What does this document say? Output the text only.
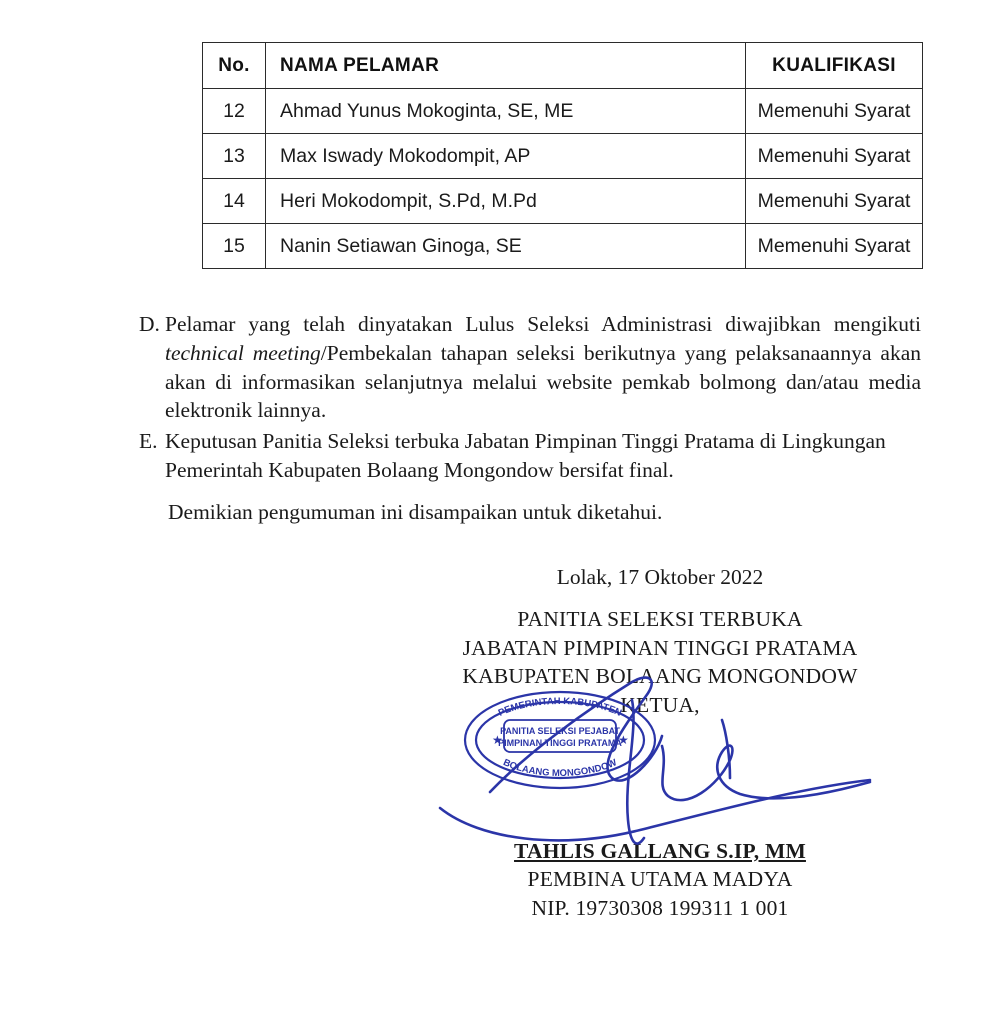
No.	NAMA PELAMAR	KUALIFIKASI
12	Ahmad Yunus Mokoginta, SE, ME	Memenuhi Syarat
13	Max Iswady Mokodompit, AP	Memenuhi Syarat
14	Heri Mokodompit, S.Pd, M.Pd	Memenuhi Syarat
15	Nanin Setiawan Ginoga, SE	Memenuhi Syarat
D. Pelamar yang telah dinyatakan Lulus Seleksi Administrasi diwajibkan mengikuti technical meeting/Pembekalan tahapan seleksi berikutnya yang pelaksanaannya akan akan di informasikan selanjutnya melalui website pemkab bolmong dan/atau media elektronik lainnya.
E. Keputusan Panitia Seleksi terbuka Jabatan Pimpinan Tinggi Pratama di Lingkungan Pemerintah Kabupaten Bolaang Mongondow bersifat final.
Demikian pengumuman ini disampaikan untuk diketahui.
Lolak, 17 Oktober 2022
PANITIA SELEKSI TERBUKA
JABATAN PIMPINAN TINGGI PRATAMA
KABUPATEN BOLAANG MONGONDOW
KETUA,
TAHLIS GALLANG S.IP, MM
PEMBINA UTAMA MADYA
NIP. 19730308 199311 1 001
PEMERINTAH KABUPATEN
BOLAANG MONGONDOW
PANITIA SELEKSI PEJABAT
PIMPINAN TINGGI PRATAMA
★	★
